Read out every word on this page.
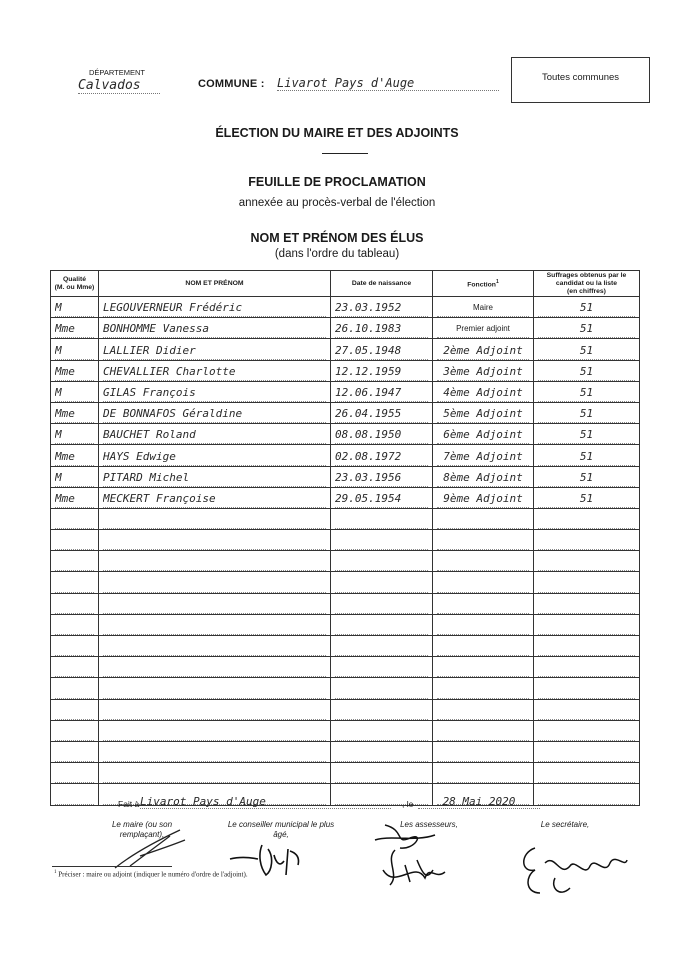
DÉPARTEMENT
Calvados	COMMUNE : Livarot Pays d'Auge	Toutes communes
ÉLECTION DU MAIRE ET DES ADJOINTS
FEUILLE DE PROCLAMATION
annexée au procès-verbal de l'élection
NOM ET PRÉNOM DES ÉLUS
(dans l'ordre du tableau)
Qualité
(M. ou Mme)	NOM ET PRÉNOM	Date de naissance	Fonction$^1$	Suffrages obtenus par le candidat ou la liste
(en chiffres)

M	LEGOUVERNEUR Frédéric	23.03.1952	Maire	51

Mme	BONHOMME Vanessa	26.10.1983	Premier adjoint	51

M	LALLIER Didier	27.05.1948	2ème Adjoint	51

Mme	CHEVALLIER Charlotte	12.12.1959	3ème Adjoint	51

M	GILAS François	12.06.1947	4ème Adjoint	51

Mme	DE BONNAFOS Géraldine	26.04.1955	5ème Adjoint	51

M	BAUCHET Roland	08.08.1950	6ème Adjoint	51

Mme	HAYS Edwige	02.08.1972	7ème Adjoint	51

M	PITARD Michel	23.03.1956	8ème Adjoint	51

Mme	MECKERT Françoise	29.05.1954	9ème Adjoint	51

Fait à Livarot Pays d'Auge	, le	28 Mai 2020
Le maire (ou son remplaçant),
Le conseiller municipal le plus âgé,
Les assesseurs,	Le secrétaire,
$^1$ Préciser : maire ou adjoint (indiquer le numéro d'ordre de l'adjoint).
